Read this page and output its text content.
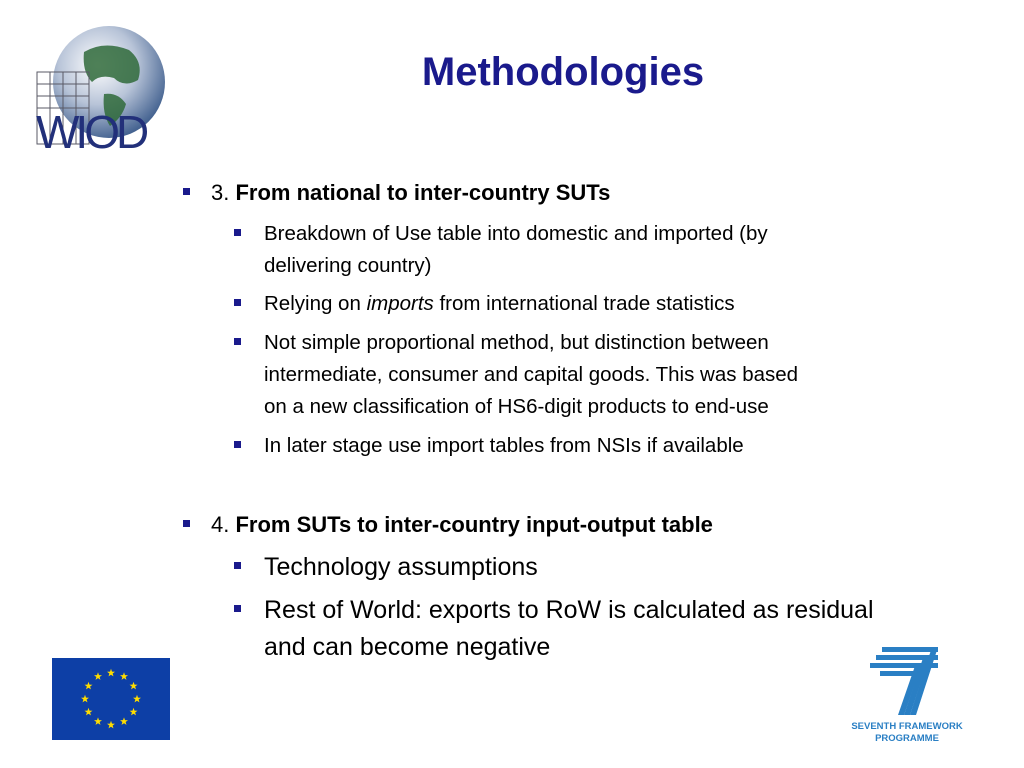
WIOD
Methodologies
3. From national to inter-country SUTs
Breakdown of Use table into domestic and imported (by
delivering country)
Relying on imports from international trade statistics
Not simple proportional method, but distinction between
intermediate, consumer and capital goods. This was based
on a new classification of HS6-digit products to end-use
In later stage use import tables from NSIs if available
4. From SUTs to inter-country input-output table
Technology assumptions
Rest of World: exports to RoW is calculated as residual
and can become negative
SEVENTH FRAMEWORK
PROGRAMME
